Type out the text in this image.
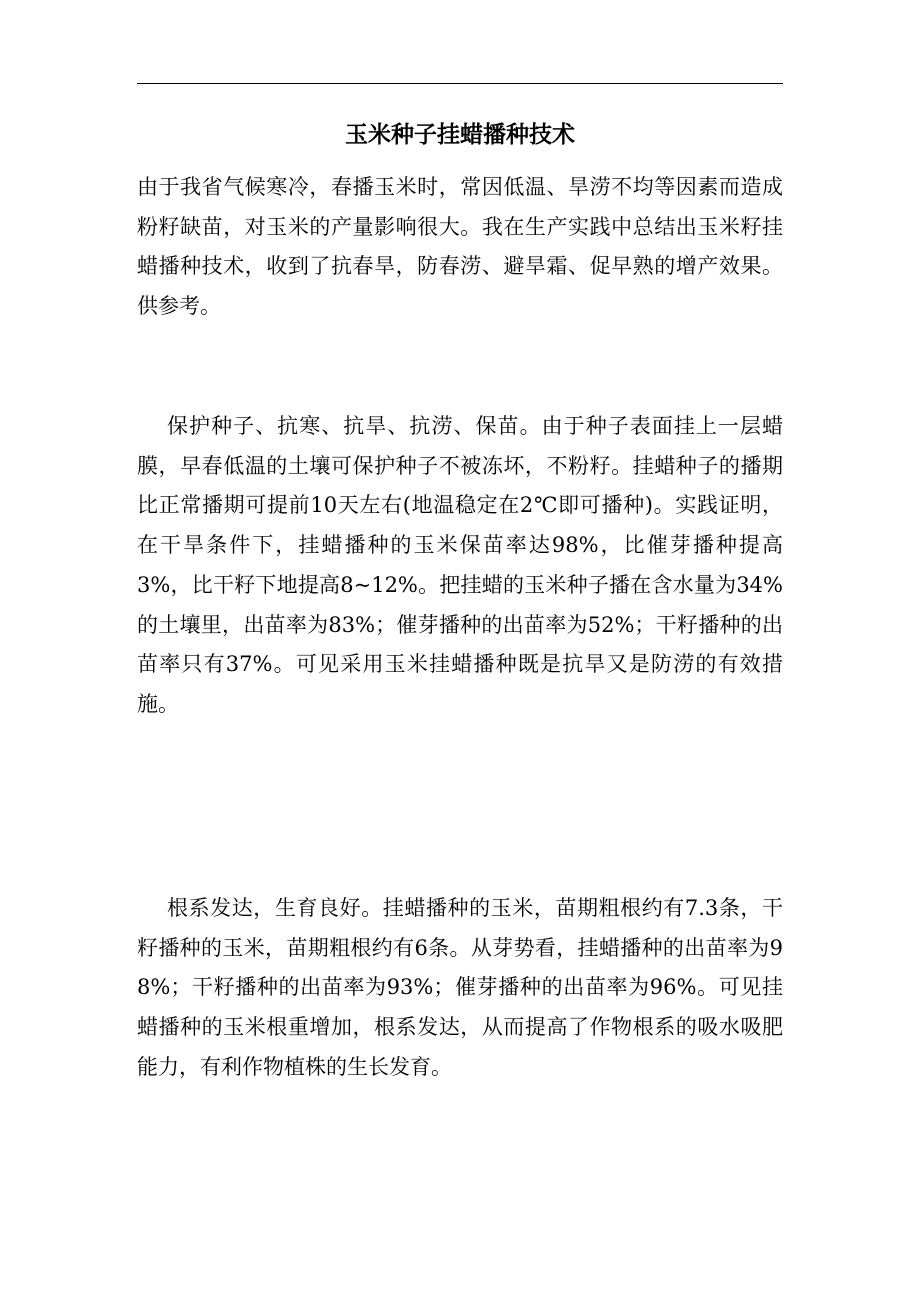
玉米种子挂蜡播种技术

由于我省气候寒冷，春播玉米时，常因低温、旱涝不均等因素而造成粉籽缺苗，对玉米的产量影响很大。我在生产实践中总结出玉米籽挂蜡播种技术，收到了抗春旱，防春涝、避旱霜、促早熟的增产效果。供参考。

保护种子、抗寒、抗旱、抗涝、保苗。由于种子表面挂上一层蜡膜，早春低温的土壤可保护种子不被冻坏，不粉籽。挂蜡种子的播期比正常播期可提前10天左右(地温稳定在2℃即可播种)。实践证明，在干旱条件下，挂蜡播种的玉米保苗率达98%，比催芽播种提高3%，比干籽下地提高8~12%。把挂蜡的玉米种子播在含水量为34%的土壤里，出苗率为83%；催芽播种的出苗率为52%；干籽播种的出苗率只有37%。可见采用玉米挂蜡播种既是抗旱又是防涝的有效措施。

根系发达，生育良好。挂蜡播种的玉米，苗期粗根约有7.3条，干籽播种的玉米，苗期粗根约有6条。从芽势看，挂蜡播种的出苗率为98%；干籽播种的出苗率为93%；催芽播种的出苗率为96%。可见挂蜡播种的玉米根重增加，根系发达，从而提高了作物根系的吸水吸肥能力，有利作物植株的生长发育。
